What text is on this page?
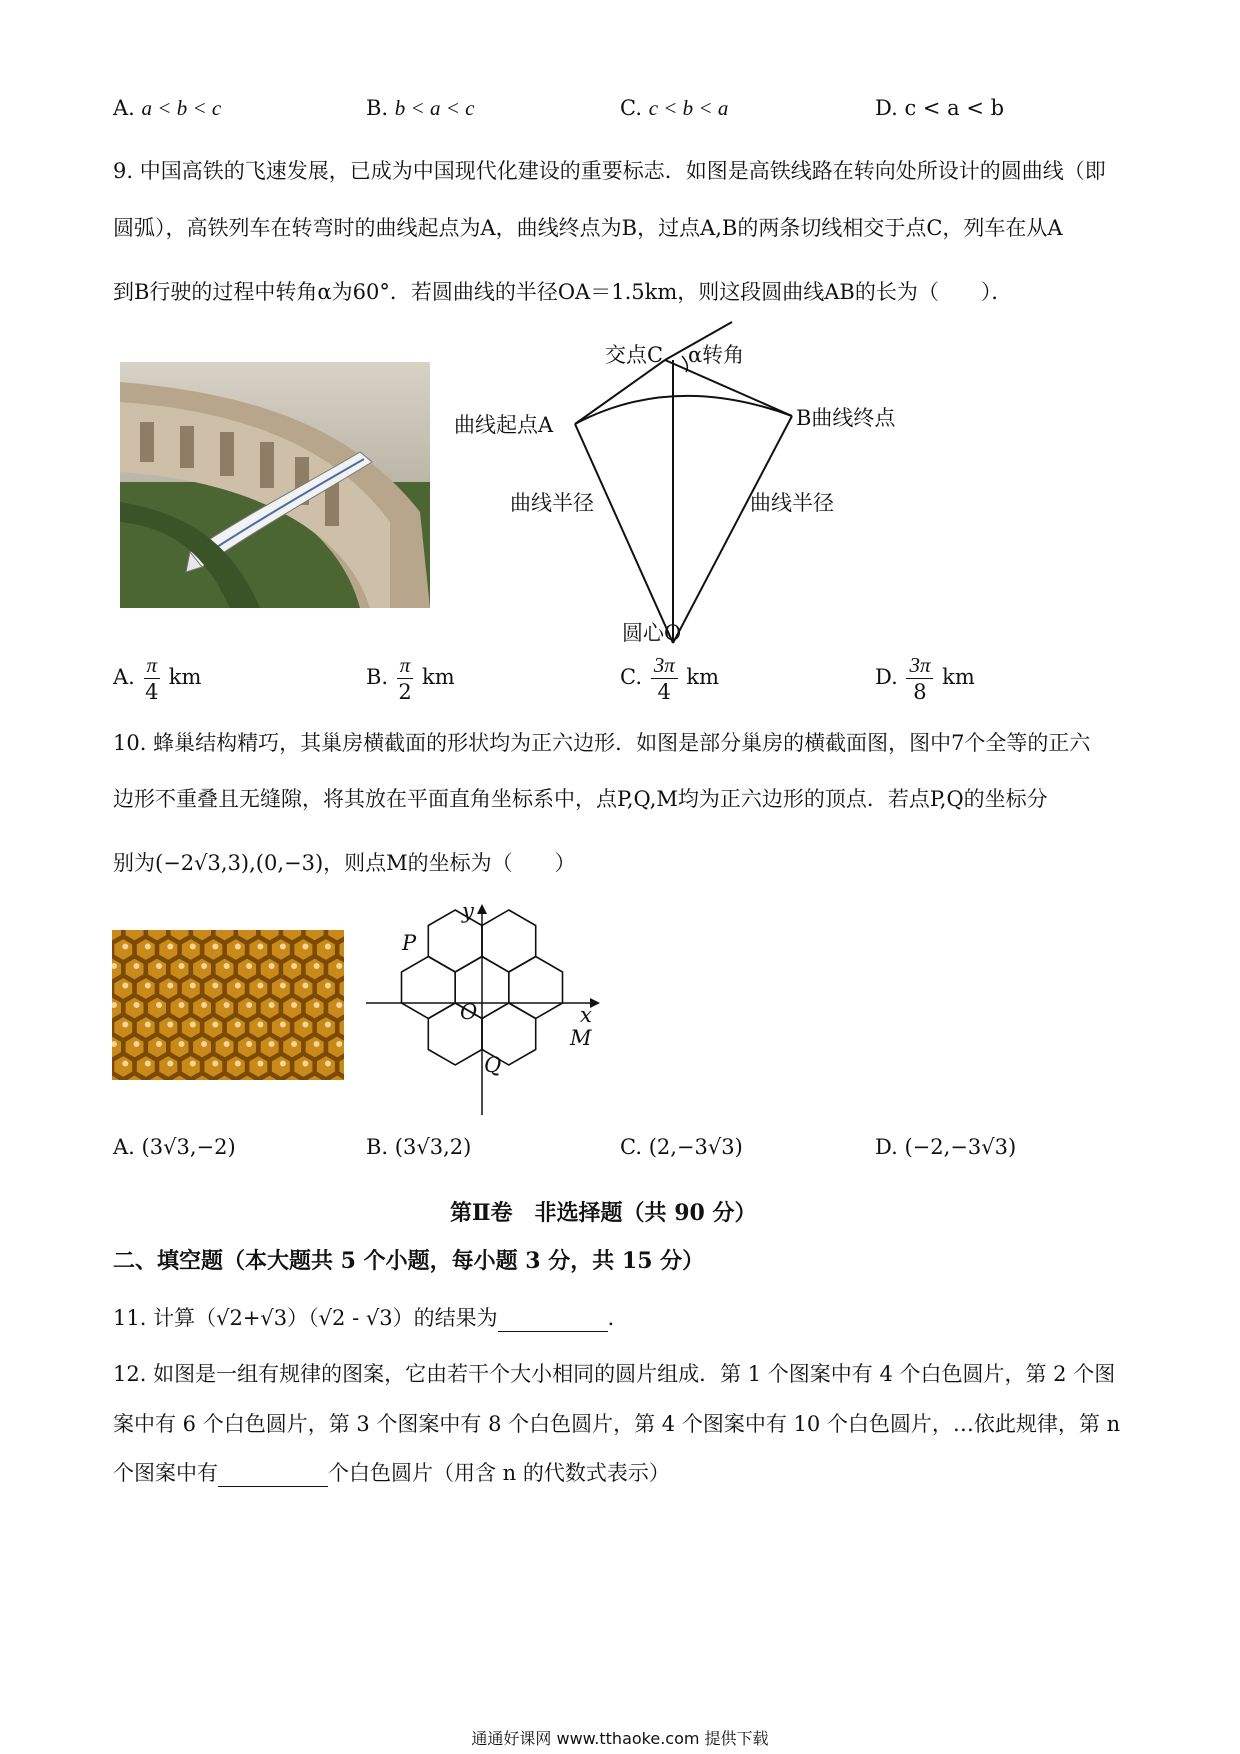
A. a < b < c	B. b < a < c	C. c < b < a	D. c < a < b
9. 中国高铁的飞速发展，已成为中国现代化建设的重要标志．如图是高铁线路在转向处所设计的圆曲线（即
圆弧），高铁列车在转弯时的曲线起点为A，曲线终点为B，过点A,B的两条切线相交于点C，列车在从A
到B行驶的过程中转角α为60°．若圆曲线的半径OA＝1.5km，则这段圆曲线AB的长为（　　）．
交点C α转角
曲线起点A	B曲线终点
曲线半径	曲线半径
圆心O
A. $\frac{\pi}{4}$ km	B. $\frac{\pi}{2}$ km	C. $\frac{3\pi}{4}$ km	D. $\frac{3\pi}{8}$ km
10. 蜂巢结构精巧，其巢房横截面的形状均为正六边形．如图是部分巢房的横截面图，图中7个全等的正六
边形不重叠且无缝隙，将其放在平面直角坐标系中，点P,Q,M均为正六边形的顶点．若点P,Q的坐标分
别为(−2√3,3),(0,−3)，则点M的坐标为（　　）
y
x
P
O
Q
M
A. (3√3,−2)	B. (3√3,2)	C. (2,−3√3)	D. (−2,−3√3)
第Ⅱ卷　非选择题（共 90 分）
二、填空题（本大题共 5 个小题，每小题 3 分，共 15 分）
11. 计算（√2+√3）（√2 - √3）的结果为	．
12. 如图是一组有规律的图案，它由若干个大小相同的圆片组成．第 1 个图案中有 4 个白色圆片，第 2 个图
案中有 6 个白色圆片，第 3 个图案中有 8 个白色圆片，第 4 个图案中有 10 个白色圆片，…依此规律，第 n
个图案中有	个白色圆片（用含 n 的代数式表示）
通通好课网 www.tthaoke.com 提供下载
